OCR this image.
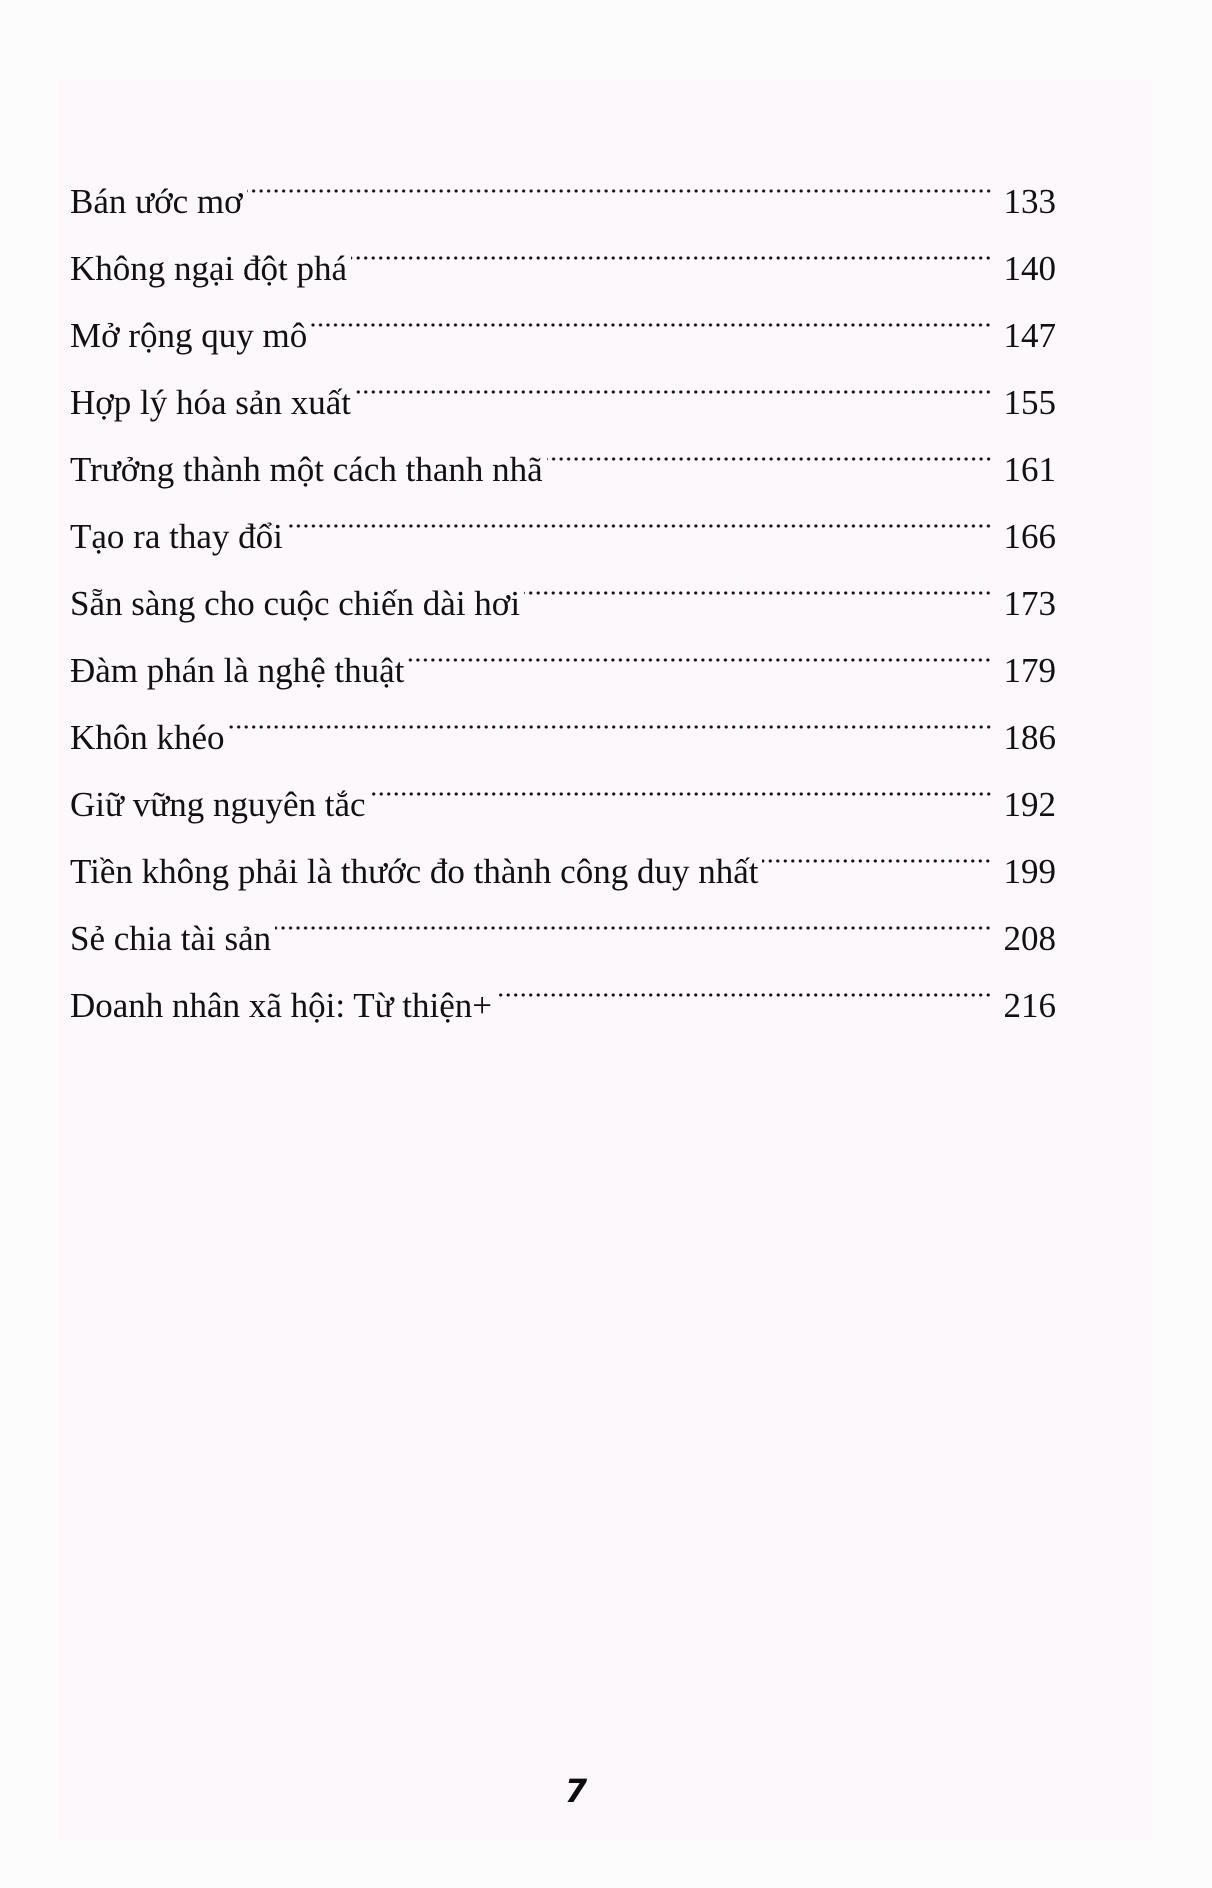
Bán ước mơ	133
Không ngại đột phá	140
Mở rộng quy mô	147
Hợp lý hóa sản xuất	155
Trưởng thành một cách thanh nhã	161
Tạo ra thay đổi	166
Sẵn sàng cho cuộc chiến dài hơi	173
Đàm phán là nghệ thuật	179
Khôn khéo	186
Giữ vững nguyên tắc	192
Tiền không phải là thước đo thành công duy nhất	199
Sẻ chia tài sản	208
Doanh nhân xã hội: Từ thiện+	216
7
